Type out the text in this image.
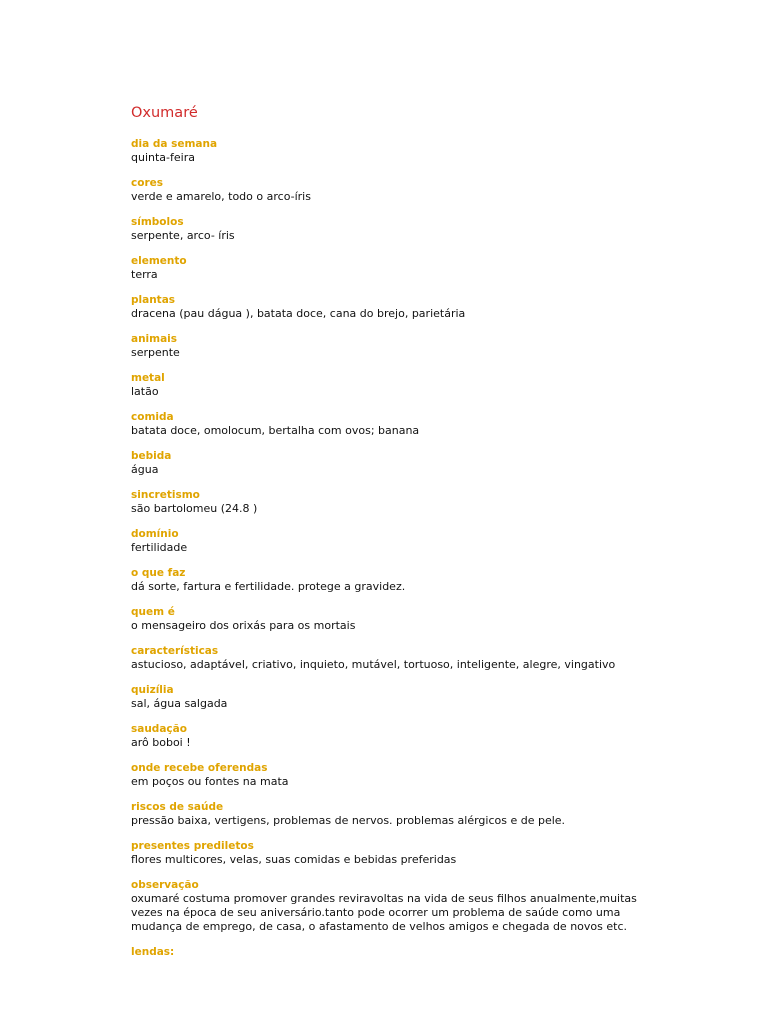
Oxumaré
dia da semana
quinta-feira
cores
verde e amarelo, todo o arco-íris
símbolos
serpente, arco- íris
elemento
terra
plantas
dracena (pau dágua ), batata doce, cana do brejo, parietária
animais
serpente
metal
latão
comida
batata doce, omolocum, bertalha com ovos; banana
bebida
água
sincretismo
são bartolomeu (24.8 )
domínio
fertilidade
o que faz
dá sorte, fartura e fertilidade. protege a gravidez.
quem é
o mensageiro dos orixás para os mortais
características
astucioso, adaptável, criativo, inquieto, mutável, tortuoso, inteligente, alegre, vingativo
quizília
sal, água salgada
saudação
arô boboi !
onde recebe oferendas
em poços ou fontes na mata
riscos de saúde
pressão baixa, vertigens, problemas de nervos. problemas alérgicos e de pele.
presentes prediletos
flores multicores, velas, suas comidas e bebidas preferidas
observação
oxumaré costuma promover grandes reviravoltas na vida de seus filhos anualmente,muitas vezes na época de seu aniversário.tanto pode ocorrer um problema de saúde como uma mudança de emprego, de casa, o afastamento de velhos amigos e chegada de novos etc.
lendas:
